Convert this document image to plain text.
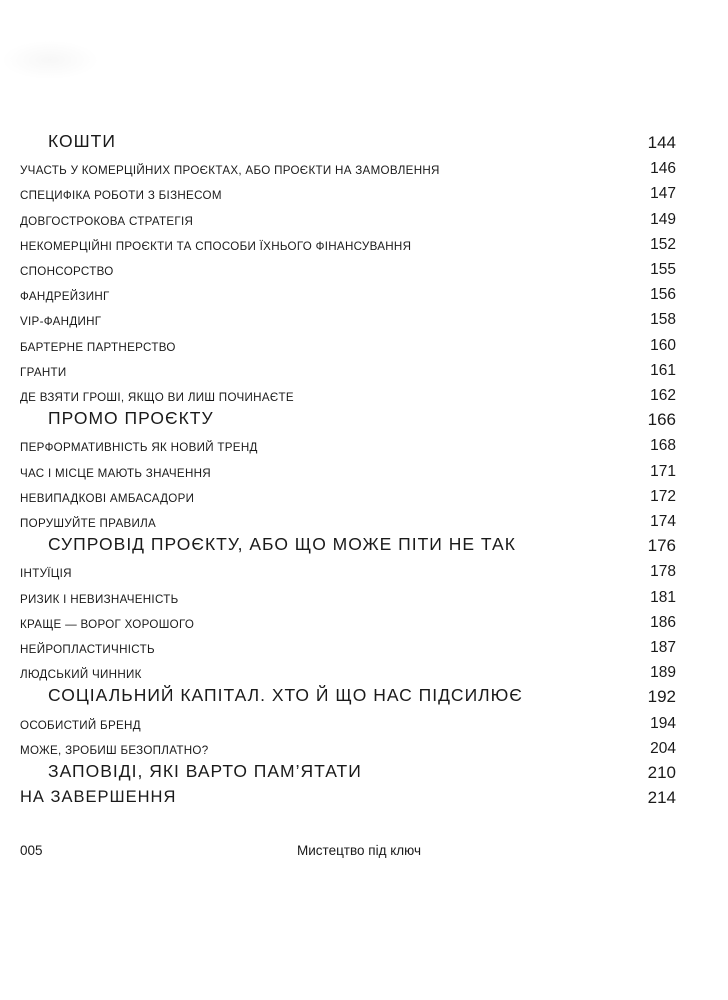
КОШТИ	144
УЧАСТЬ У КОМЕРЦІЙНИХ ПРОЄКТАХ, АБО ПРОЄКТИ НА ЗАМОВЛЕННЯ	146
СПЕЦИФІКА РОБОТИ З БІЗНЕСОМ	147
ДОВГОСТРОКОВА СТРАТЕГІЯ	149
НЕКОМЕРЦІЙНІ ПРОЄКТИ ТА СПОСОБИ ЇХНЬОГО ФІНАНСУВАННЯ	152
СПОНСОРСТВО	155
ФАНДРЕЙЗИНГ	156
VIP-ФАНДИНГ	158
БАРТЕРНЕ ПАРТНЕРСТВО	160
ГРАНТИ	161
ДЕ ВЗЯТИ ГРОШІ, ЯКЩО ВИ ЛИШ ПОЧИНАЄТЕ	162
ПРОМО ПРОЄКТУ	166
ПЕРФОРМАТИВНІСТЬ ЯК НОВИЙ ТРЕНД	168
ЧАС І МІСЦЕ МАЮТЬ ЗНАЧЕННЯ	171
НЕВИПАДКОВІ АМБАСАДОРИ	172
ПОРУШУЙТЕ ПРАВИЛА	174
СУПРОВІД ПРОЄКТУ, АБО ЩО МОЖЕ ПІТИ НЕ ТАК	176
ІНТУЇЦІЯ	178
РИЗИК І НЕВИЗНАЧЕНІСТЬ	181
КРАЩЕ — ВОРОГ ХОРОШОГО	186
НЕЙРОПЛАСТИЧНІСТЬ	187
ЛЮДСЬКИЙ ЧИННИК	189
СОЦІАЛЬНИЙ КАПІТАЛ. ХТО Й ЩО НАС ПІДСИЛЮЄ	192
ОСОБИСТИЙ БРЕНД	194
МОЖЕ, ЗРОБИШ БЕЗОПЛАТНО?	204
ЗАПОВІДІ, ЯКІ ВАРТО ПАМ’ЯТАТИ	210
НА ЗАВЕРШЕННЯ	214
005	Мистецтво під ключ
